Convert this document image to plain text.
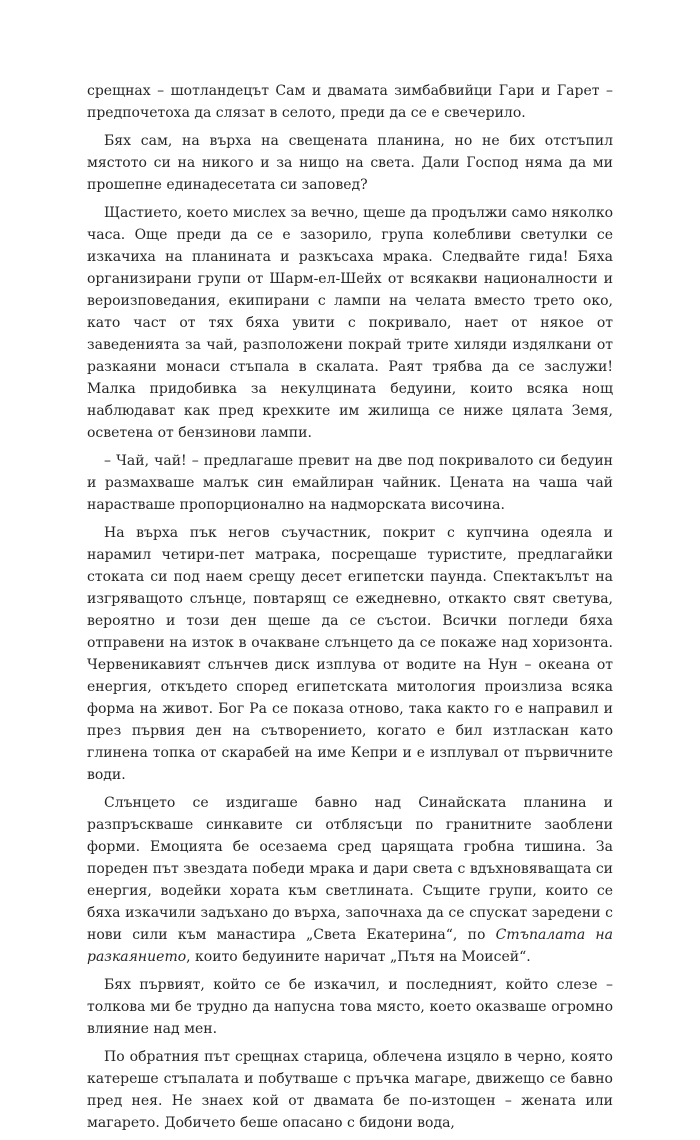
срещнах – шотландецът Сам и двамата зимбабвийци Гари и Гарет – предпочетоха да слязат в селото, преди да се е свечерило.

Бях сам, на върха на свещената планина, но не бих отстъпил мястото си на никого и за нищо на света. Дали Господ няма да ми прошепне единадесетата си заповед?

Щастието, което мислех за вечно, щеше да продължи само няколко часа. Още преди да се е зазорило, група колебливи светулки се изкачиха на планината и разкъсаха мрака. Следвайте гида! Бяха организирани групи от Шарм-ел-Шейх от всякакви националности и вероизповедания, екипирани с лампи на челата вместо трето око, като част от тях бяха увити с покривало, нает от някое от заведенията за чай, разположени покрай трите хиляди издялкани от разкаяни монаси стъпала в скалата. Раят трябва да се заслужи! Малка придобивка за некулцината бедуини, които всяка нощ наблюдават как пред крехките им жилища се ниже цялата Земя, осветена от бензинови лампи.

– Чай, чай! – предлагаше превит на две под покривалото си бедуин и размахваше малък син емайлиран чайник. Цената на чаша чай нарастваше пропорционално на надморската височина.

На върха пък негов съучастник, покрит с купчина одеяла и нарамил четири-пет матрака, посрещаше туристите, предлагайки стоката си под наем срещу десет египетски паунда. Спектакълът на изгряващото слънце, повтарящ се ежедневно, откакто свят светува, вероятно и този ден щеше да се състои. Всички погледи бяха отправени на изток в очакване слънцето да се покаже над хоризонта. Червеникавият слънчев диск изплува от водите на Нун – океана от енергия, откъдето според египетската митология произлиза всяка форма на живот. Бог Ра се показа отново, така както го е направил и през първия ден на сътворението, когато е бил изтласкан като глинена топка от скарабей на име Кепри и е изплувал от първичните води.

Слънцето се издигаше бавно над Синайската планина и разпръскваше синкавите си отблясъци по гранитните заоблени форми. Емоцията бе осезаема сред царящата гробна тишина. За пореден път звездата победи мрака и дари света с вдъхновяващата си енергия, водейки хората към светлината. Същите групи, които се бяха изкачили задъхано до върха, започнаха да се спускат заредени с нови сили към манастира „Света Екатерина“, по Стъпалата на разкаянието, които бедуините наричат „Пътя на Моисей“.

Бях първият, който се бе изкачил, и последният, който слезе – толкова ми бе трудно да напусна това място, което оказваше огромно влияние над мен.

По обратния път срещнах старица, облечена изцяло в черно, която катереше стъпалата и побутваше с пръчка магаре, движещо се бавно пред нея. Не знаех кой от двамата бе по-изтощен – жената или магарето. Добичето беше опасано с бидони вода,
